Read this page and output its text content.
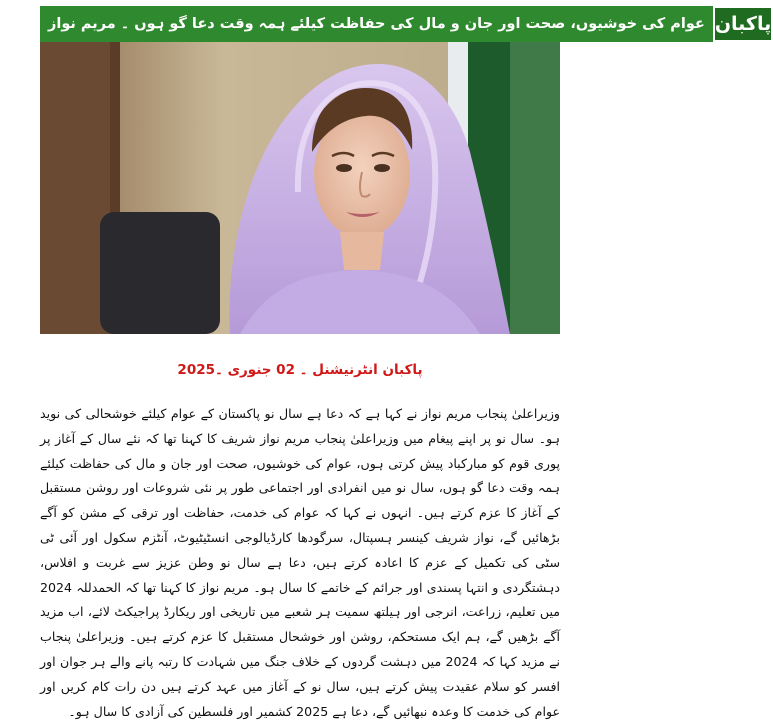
عوام کی خوشیوں، صحت اور جان و مال کی حفاظت کیلئے ہمہ وقت دعا گو ہوں ۔ مریم نواز پاکبان
پاکبان انٹرنیشنل ۔ 02 جنوری ۔2025

وزیراعلیٰ پنجاب مریم نواز نے کہا ہے کہ دعا ہے سال نو پاکستان کے عوام کیلئے خوشحالی کی نوید ہو۔ سال نو پر اپنے پیغام میں وزیراعلیٰ پنجاب مریم نواز شریف کا کہنا تھا کہ نئے سال کے آغاز پر پوری قوم کو مبارکباد پیش کرتی ہوں، عوام کی خوشیوں، صحت اور جان و مال کی حفاظت کیلئے ہمہ وقت دعا گو ہوں، سال نو میں انفرادی اور اجتماعی طور پر نئی شروعات اور روشن مستقبل کے آغاز کا عزم کرتے ہیں۔ انہوں نے کہا کہ عوام کی خدمت، حفاظت اور ترقی کے مشن کو آگے بڑھائیں گے، نواز شریف کینسر ہسپتال، سرگودھا کارڈیالوجی انسٹیٹیوٹ، آنٹزم سکول اور آئی ٹی سٹی کی تکمیل کے عزم کا اعادہ کرتے ہیں، دعا ہے سال نو وطن عزیز سے غربت و افلاس، دہشتگردی و انتہا پسندی اور جرائم کے خاتمے کا سال ہو۔ مریم نواز کا کہنا تھا کہ الحمدللہ 2024 میں تعلیم، زراعت، انرجی اور ہیلتھ سمیت ہر شعبے میں تاریخی اور ریکارڈ پراجیکٹ لائے، اب مزید آگے بڑھیں گے، ہم ایک مستحکم، روشن اور خوشحال مستقبل کا عزم کرتے ہیں۔ وزیراعلیٰ پنجاب نے مزید کہا کہ 2024 میں دہشت گردوں کے خلاف جنگ میں شہادت کا رتبہ پانے والے ہر جوان اور افسر کو سلام عقیدت پیش کرتے ہیں، سال نو کے آغاز میں عہد کرتے ہیں دن رات کام کریں اور عوام کی خدمت کا وعدہ نبھائیں گے، دعا ہے 2025 کشمیر اور فلسطین کی آزادی کا سال ہو۔
